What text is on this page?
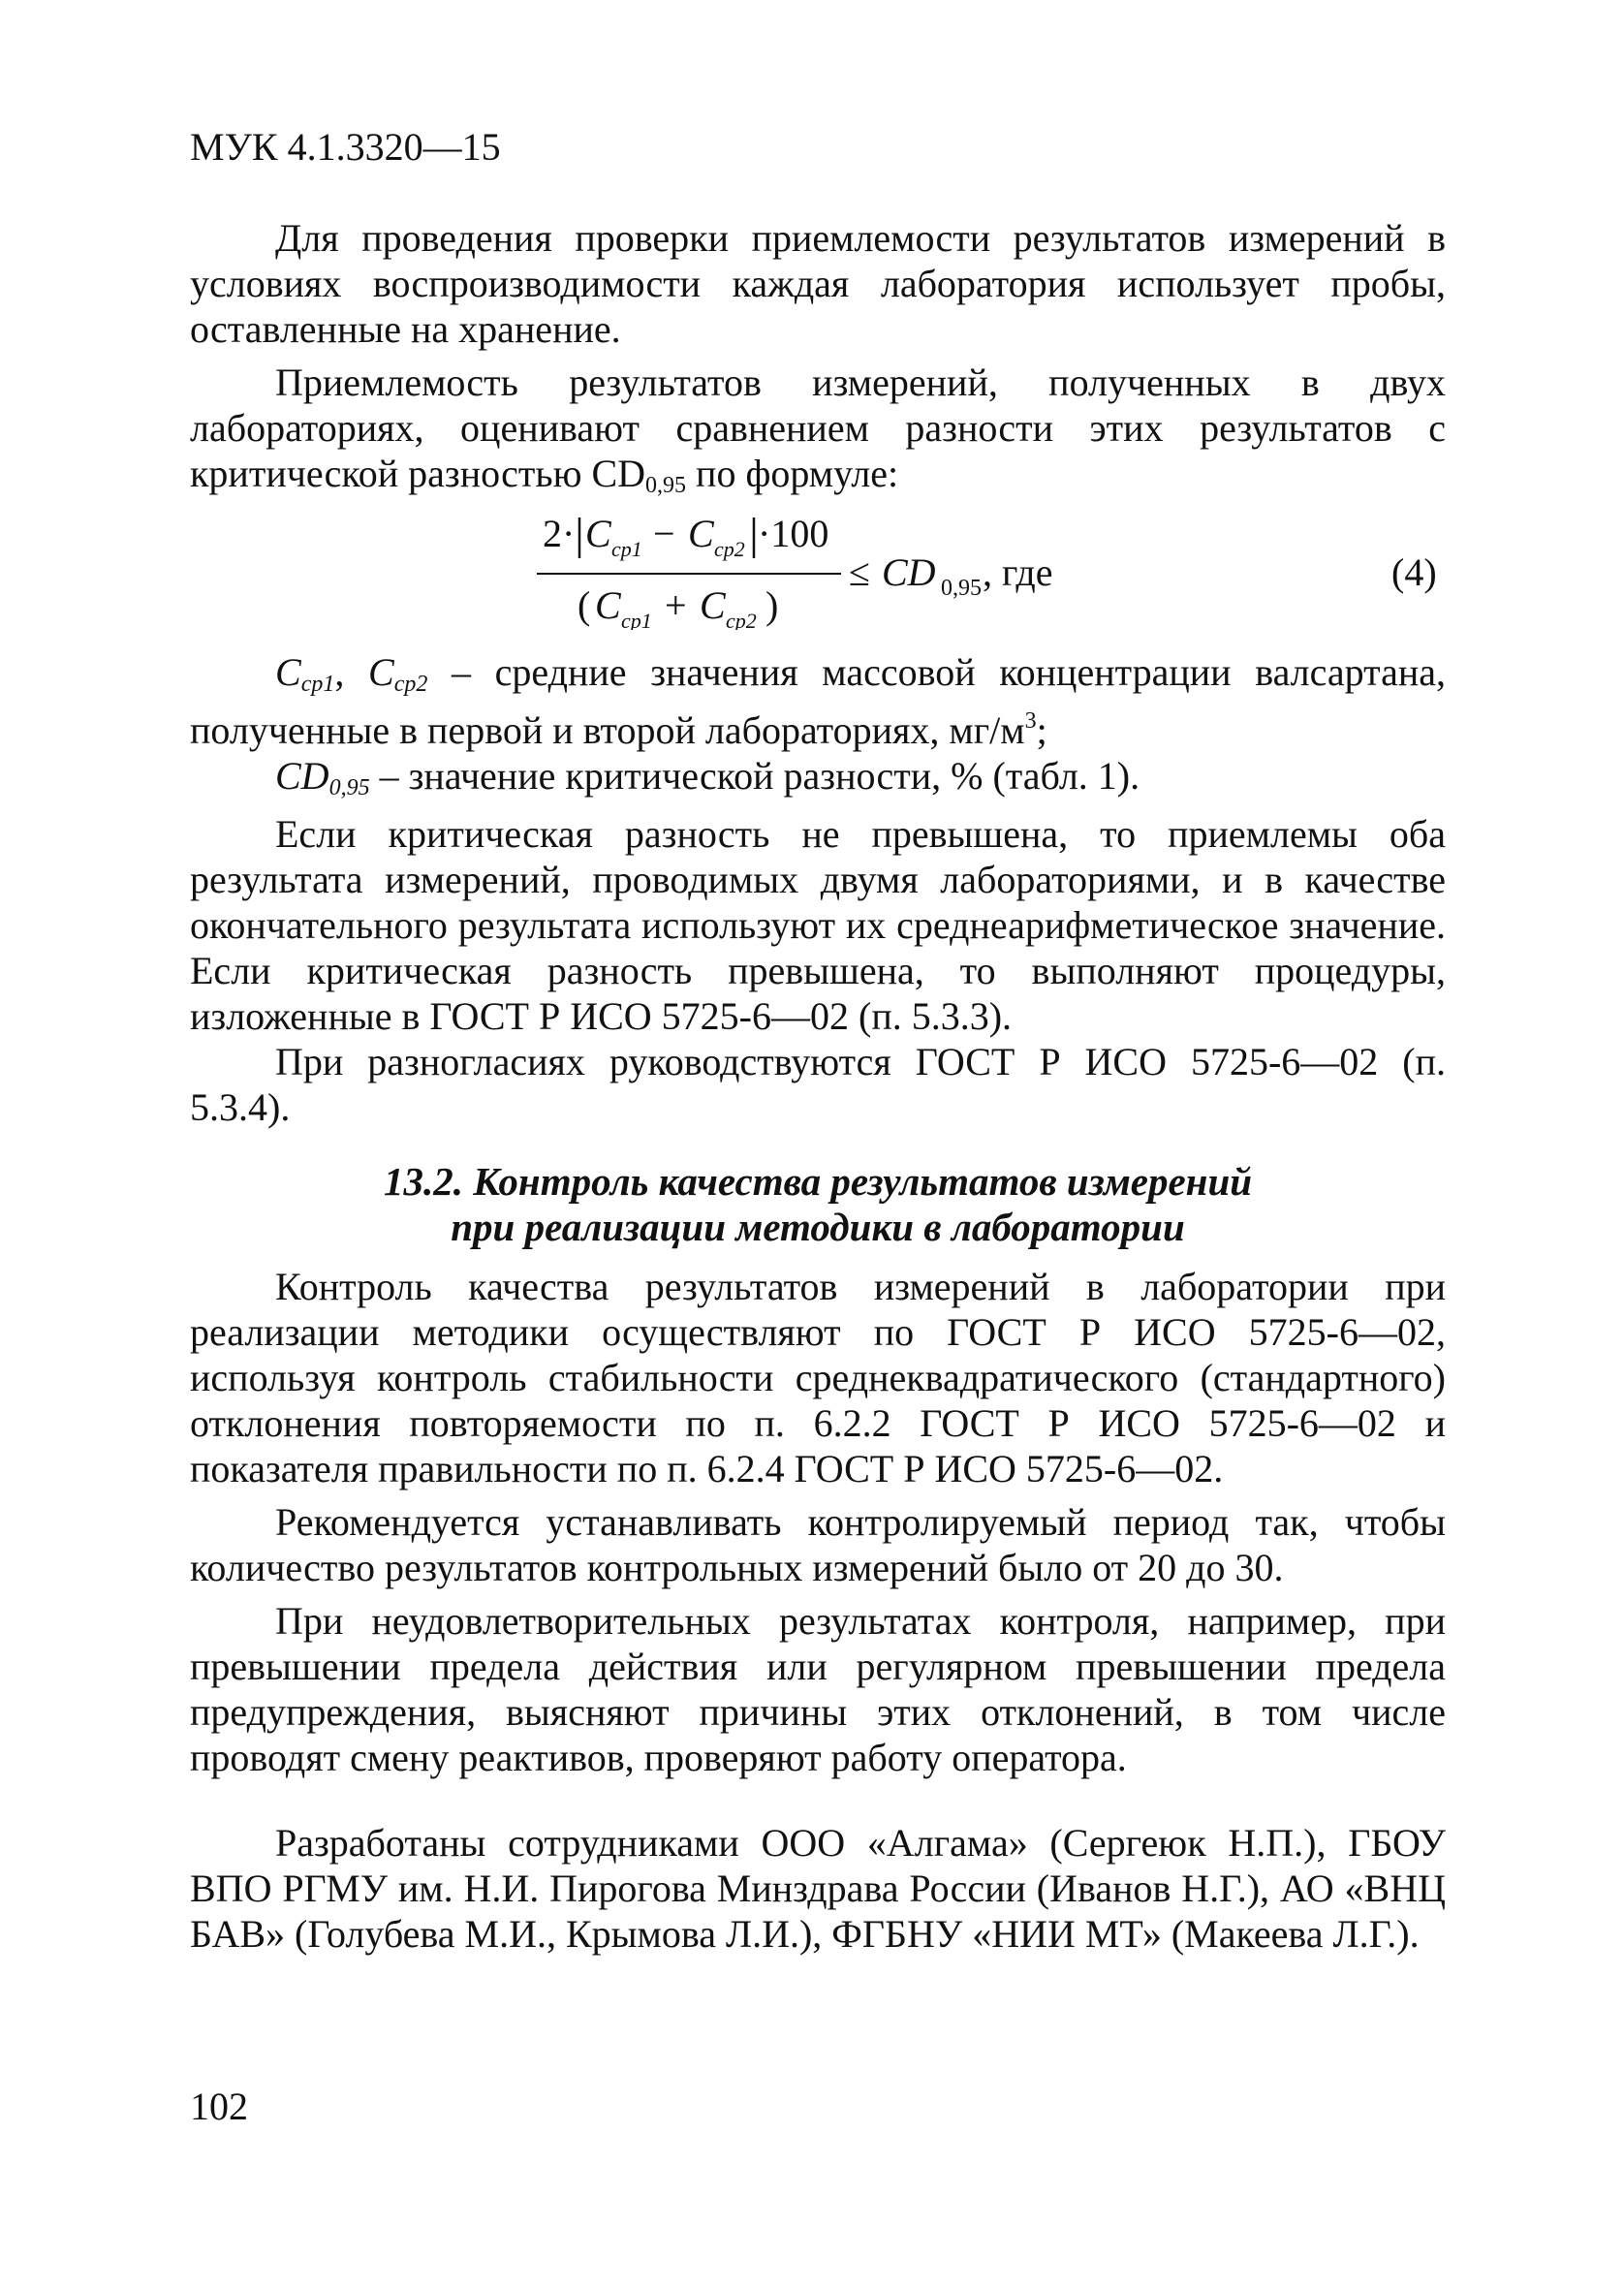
МУК 4.1.3320—15

Для проведения проверки приемлемости результатов измерений в условиях воспроизводимости каждая лаборатория использует пробы, оставленные на хранение.

Приемлемость результатов измерений, полученных в двух лабораториях, оценивают сравнением разности этих результатов с критической разностью $CD_{0,95}$ по формуле:

2· C cp1 − C cp2 ·100
( C cp1 + C cp2 )
≤ CD 0,95 , где	(4)

$C_{cp1}$, $C_{cp2}$ – средние значения массовой концентрации валсартана, полученные в первой и второй лабораториях, $мг/м^3$;

$CD_{0,95}$ – значение критической разности, % (табл. 1).

Если критическая разность не превышена, то приемлемы оба результата измерений, проводимых двумя лабораториями, и в качестве окончательного результата используют их среднеарифметическое значение. Если критическая разность превышена, то выполняют процедуры, изложенные в ГОСТ Р ИСО 5725-6—02 (п. 5.3.3).

При разногласиях руководствуются ГОСТ Р ИСО 5725-6—02 (п. 5.3.4).

13.2. Контроль качества результатов измерений
при реализации методики в лаборатории

Контроль качества результатов измерений в лаборатории при реализации методики осуществляют по ГОСТ Р ИСО 5725-6—02, используя контроль стабильности среднеквадратического (стандартного) отклонения повторяемости по п. 6.2.2 ГОСТ Р ИСО 5725-6—02 и показателя правильности по п. 6.2.4 ГОСТ Р ИСО 5725-6—02.

Рекомендуется устанавливать контролируемый период так, чтобы количество результатов контрольных измерений было от 20 до 30.

При неудовлетворительных результатах контроля, например, при превышении предела действия или регулярном превышении предела предупреждения, выясняют причины этих отклонений, в том числе проводят смену реактивов, проверяют работу оператора.

Разработаны сотрудниками ООО «Алгама» (Сергеюк Н.П.), ГБОУ ВПО РГМУ им. Н.И. Пирогова Минздрава России (Иванов Н.Г.), АО «ВНЦ БАВ» (Голубева М.И., Крымова Л.И.), ФГБНУ «НИИ МТ» (Макеева Л.Г.).

102
